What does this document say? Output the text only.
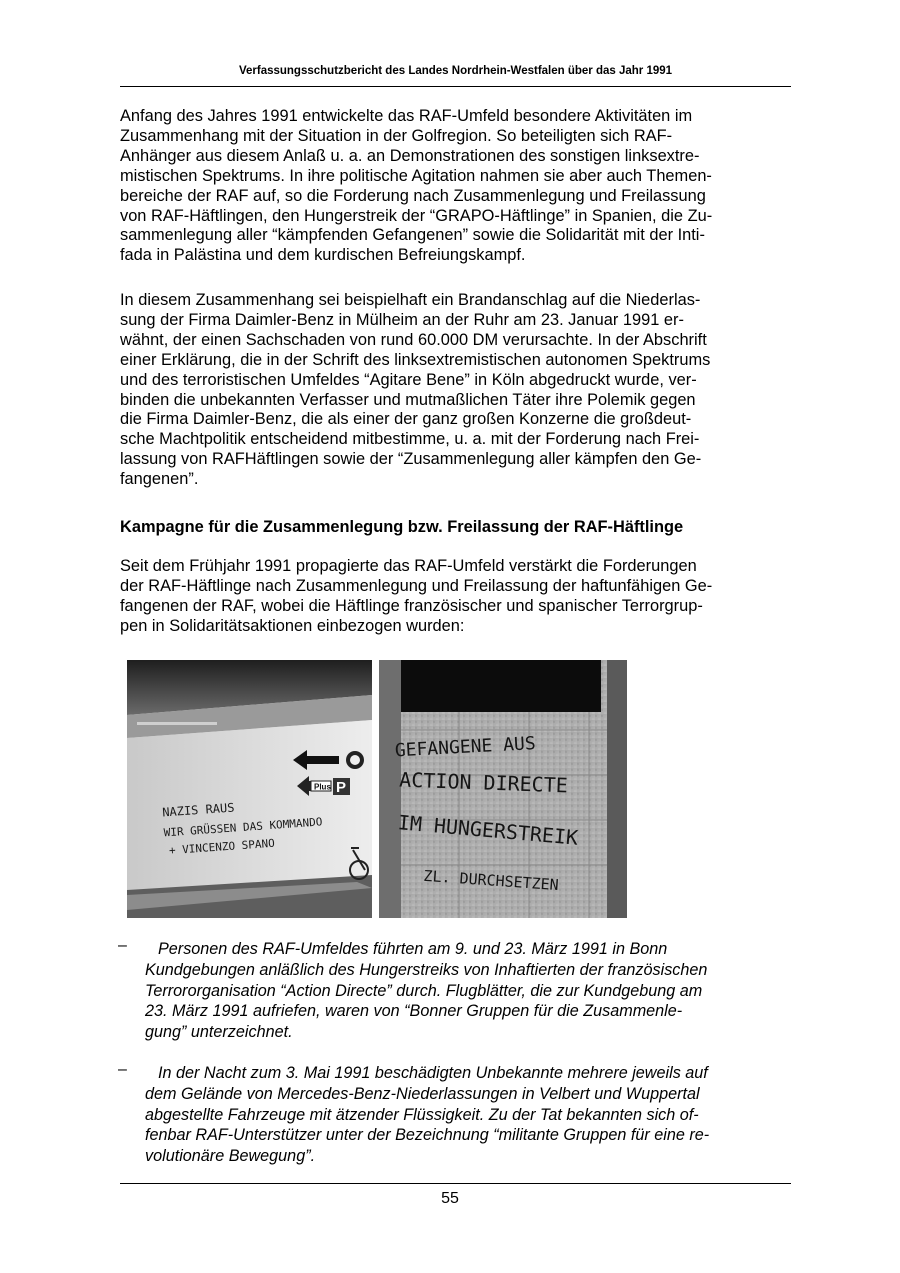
Verfassungsschutzbericht des Landes Nordrhein-Westfalen über das Jahr 1991

Anfang des Jahres 1991 entwickelte das RAF-Umfeld besondere Aktivitäten im
Zusammenhang mit der Situation in der Golfregion. So beteiligten sich RAF-
Anhänger aus diesem Anlaß u. a. an Demonstrationen des sonstigen linksextre-
mistischen Spektrums. In ihre politische Agitation nahmen sie aber auch Themen-
bereiche der RAF auf, so die Forderung nach Zusammenlegung und Freilassung
von RAF-Häftlingen, den Hungerstreik der “GRAPO-Häftlinge” in Spanien, die Zu-
sammenlegung aller “kämpfenden Gefangenen” sowie die Solidarität mit der Inti-
fada in Palästina und dem kurdischen Befreiungskampf.

In diesem Zusammenhang sei beispielhaft ein Brandanschlag auf die Niederlas-
sung der Firma Daimler-Benz in Mülheim an der Ruhr am 23. Januar 1991 er-
wähnt, der einen Sachschaden von rund 60.000 DM verursachte. In der Abschrift
einer Erklärung, die in der Schrift des linksextremistischen autonomen Spektrums
und des terroristischen Umfeldes “Agitare Bene” in Köln abgedruckt wurde, ver-
binden die unbekannten Verfasser und mutmaßlichen Täter ihre Polemik gegen
die Firma Daimler-Benz, die als einer der ganz großen Konzerne die großdeut-
sche Machtpolitik entscheidend mitbestimme, u. a. mit der Forderung nach Frei-
lassung von RAFHäftlingen sowie der “Zusammenlegung aller kämpfen den Ge-
fangenen”.

Kampagne für die Zusammenlegung bzw. Freilassung der RAF-Häftlinge

Seit dem Frühjahr 1991 propagierte das RAF-Umfeld verstärkt die Forderungen
der RAF-Häftlinge nach Zusammenlegung und Freilassung der haftunfähigen Ge-
fangenen der RAF, wobei die Häftlinge französischer und spanischer Terrorgrup-
pen in Solidaritätsaktionen einbezogen wurden:

Plus P
NAZIS RAUS
WIR GRÜSSEN DAS KOMMANDO
+ VINCENZO SPANO
GEFANGENE AUS
ACTION DIRECTE
IM HUNGERSTREIK
ZL. DURCHSETZEN
–	Personen des RAF-Umfeldes führten am 9. und 23. März 1991 in Bonn
Kundgebungen anläßlich des Hungerstreiks von Inhaftierten der französischen
Terrororganisation “Action Directe” durch. Flugblätter, die zur Kundgebung am
23. März 1991 aufriefen, waren von “Bonner Gruppen für die Zusammenle-
gung” unterzeichnet.

–	In der Nacht zum 3. Mai 1991 beschädigten Unbekannte mehrere jeweils auf
dem Gelände von Mercedes-Benz-Niederlassungen in Velbert und Wuppertal
abgestellte Fahrzeuge mit ätzender Flüssigkeit. Zu der Tat bekannten sich of-
fenbar RAF-Unterstützer unter der Bezeichnung “militante Gruppen für eine re-
volutionäre Bewegung”.

55
